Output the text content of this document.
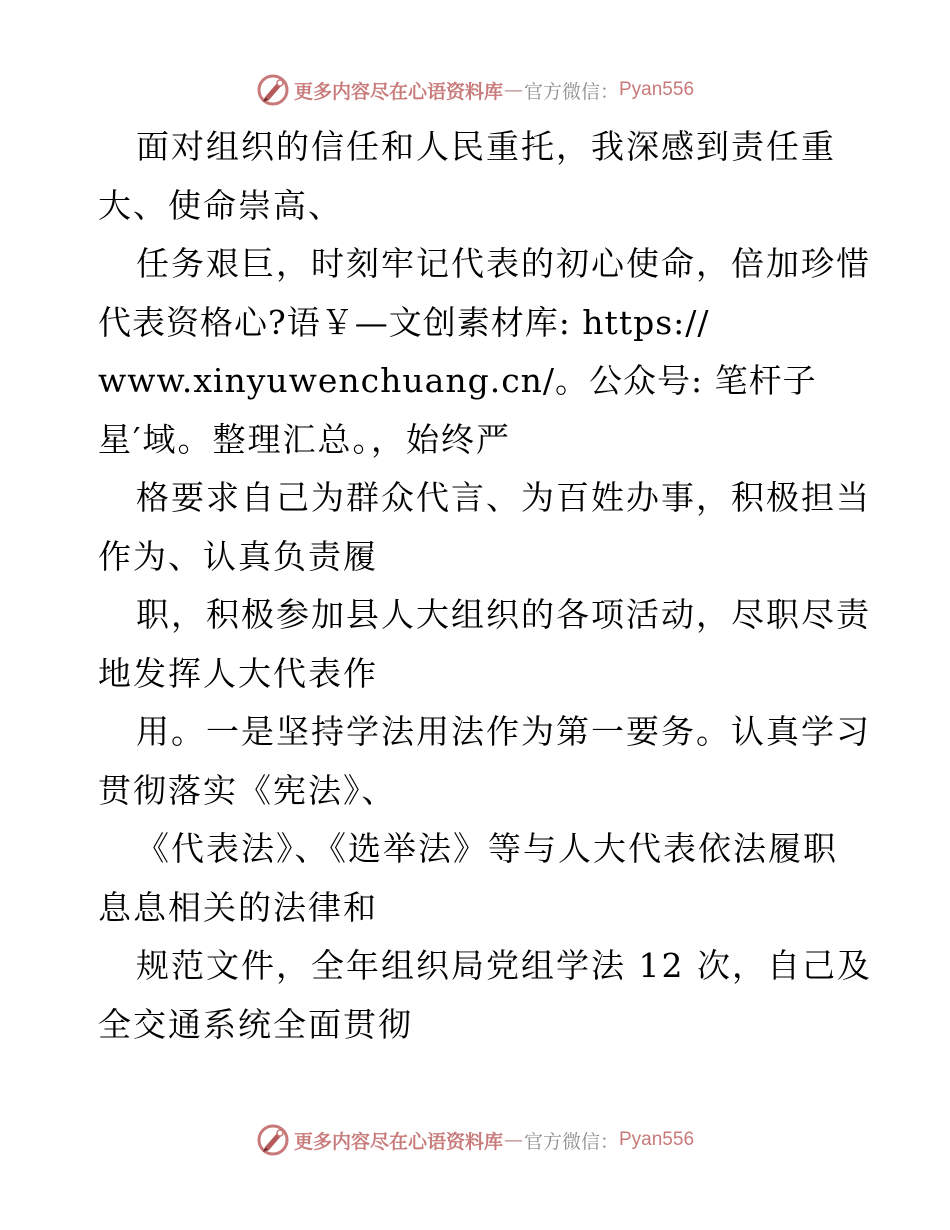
更多内容尽在心语资料库 — 官方微信： Pyan556
面对组织的信任和人民重托，我深感到责任重
大、使命崇高、
任务艰巨，时刻牢记代表的初心使命，倍加珍惜
代表资格心?语￥—文创素材库: https://
www.xinyuwenchuang.cn/。公众号: 笔杆子
星′域。整理汇总。，始终严
格要求自己为群众代言、为百姓办事，积极担当
作为、认真负责履
职，积极参加县人大组织的各项活动，尽职尽责
地发挥人大代表作
用。一是坚持学法用法作为第一要务。认真学习
贯彻落实《宪法》、
《代表法》、《选举法》等与人大代表依法履职
息息相关的法律和
规范文件，全年组织局党组学法 12 次，自己及
全交通系统全面贯彻
更多内容尽在心语资料库 — 官方微信： Pyan556
